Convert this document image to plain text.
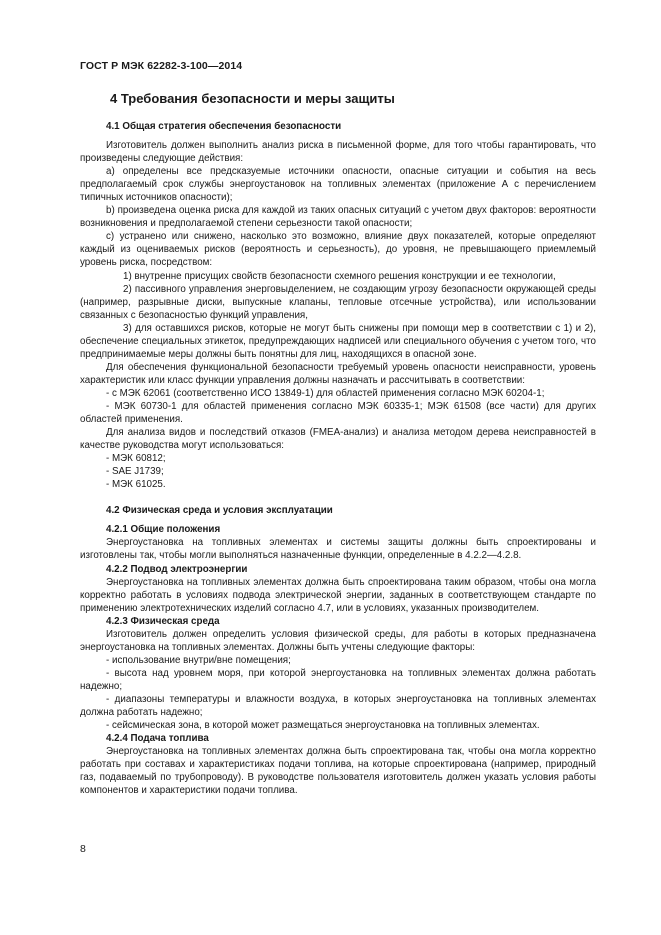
ГОСТ Р МЭК 62282-3-100—2014
4 Требования безопасности и меры защиты
4.1 Общая стратегия обеспечения безопасности

Изготовитель должен выполнить анализ риска в письменной форме, для того чтобы гарантировать, что произведены следующие действия:

a) определены все предсказуемые источники опасности, опасные ситуации и события на весь предполагаемый срок службы энергоустановок на топливных элементах (приложение А с перечислением типичных источников опасности);

b) произведена оценка риска для каждой из таких опасных ситуаций с учетом двух факторов: вероятности возникновения и предполагаемой степени серьезности такой опасности;

c) устранено или снижено, насколько это возможно, влияние двух показателей, которые определяют каждый из оцениваемых рисков (вероятность и серьезность), до уровня, не превышающего приемлемый уровень риска, посредством:

1) внутренне присущих свойств безопасности схемного решения конструкции и ее технологии,

2) пассивного управления энерговыделением, не создающим угрозу безопасности окружающей среды (например, разрывные диски, выпускные клапаны, тепловые отсечные устройства), или использовании связанных с безопасностью функций управления,

3) для оставшихся рисков, которые не могут быть снижены при помощи мер в соответствии с 1) и 2), обеспечение специальных этикеток, предупреждающих надписей или специального обучения с учетом того, что предпринимаемые меры должны быть понятны для лиц, находящихся в опасной зоне.

Для обеспечения функциональной безопасности требуемый уровень опасности неисправности, уровень характеристик или класс функции управления должны назначать и рассчитывать в соответствии:

- с МЭК 62061 (соответственно ИСО 13849-1) для областей применения согласно МЭК 60204-1;

- МЭК 60730-1 для областей применения согласно МЭК 60335-1; МЭК 61508 (все части) для других областей применения.

Для анализа видов и последствий отказов (FMEA-анализ) и анализа методом дерева неисправностей в качестве руководства могут использоваться:

- МЭК 60812;

- SAE J1739;

- МЭК 61025.

4.2 Физическая среда и условия эксплуатации
4.2.1 Общие положения

Энергоустановка на топливных элементах и системы защиты должны быть спроектированы и изготовлены так, чтобы могли выполняться назначенные функции, определенные в 4.2.2—4.2.8.

4.2.2 Подвод электроэнергии

Энергоустановка на топливных элементах должна быть спроектирована таким образом, чтобы она могла корректно работать в условиях подвода электрической энергии, заданных в соответствующем стандарте по применению электротехнических изделий согласно 4.7, или в условиях, указанных производителем.

4.2.3 Физическая среда

Изготовитель должен определить условия физической среды, для работы в которых предназначена энергоустановка на топливных элементах. Должны быть учтены следующие факторы:

- использование внутри/вне помещения;

- высота над уровнем моря, при которой энергоустановка на топливных элементах должна работать надежно;

- диапазоны температуры и влажности воздуха, в которых энергоустановка на топливных элементах должна работать надежно;

- сейсмическая зона, в которой может размещаться энергоустановка на топливных элементах.

4.2.4 Подача топлива

Энергоустановка на топливных элементах должна быть спроектирована так, чтобы она могла корректно работать при составах и характеристиках подачи топлива, на которые спроектирована (например, природный газ, подаваемый по трубопроводу). В руководстве пользователя изготовитель должен указать условия работы компонентов и характеристики подачи топлива.

8
